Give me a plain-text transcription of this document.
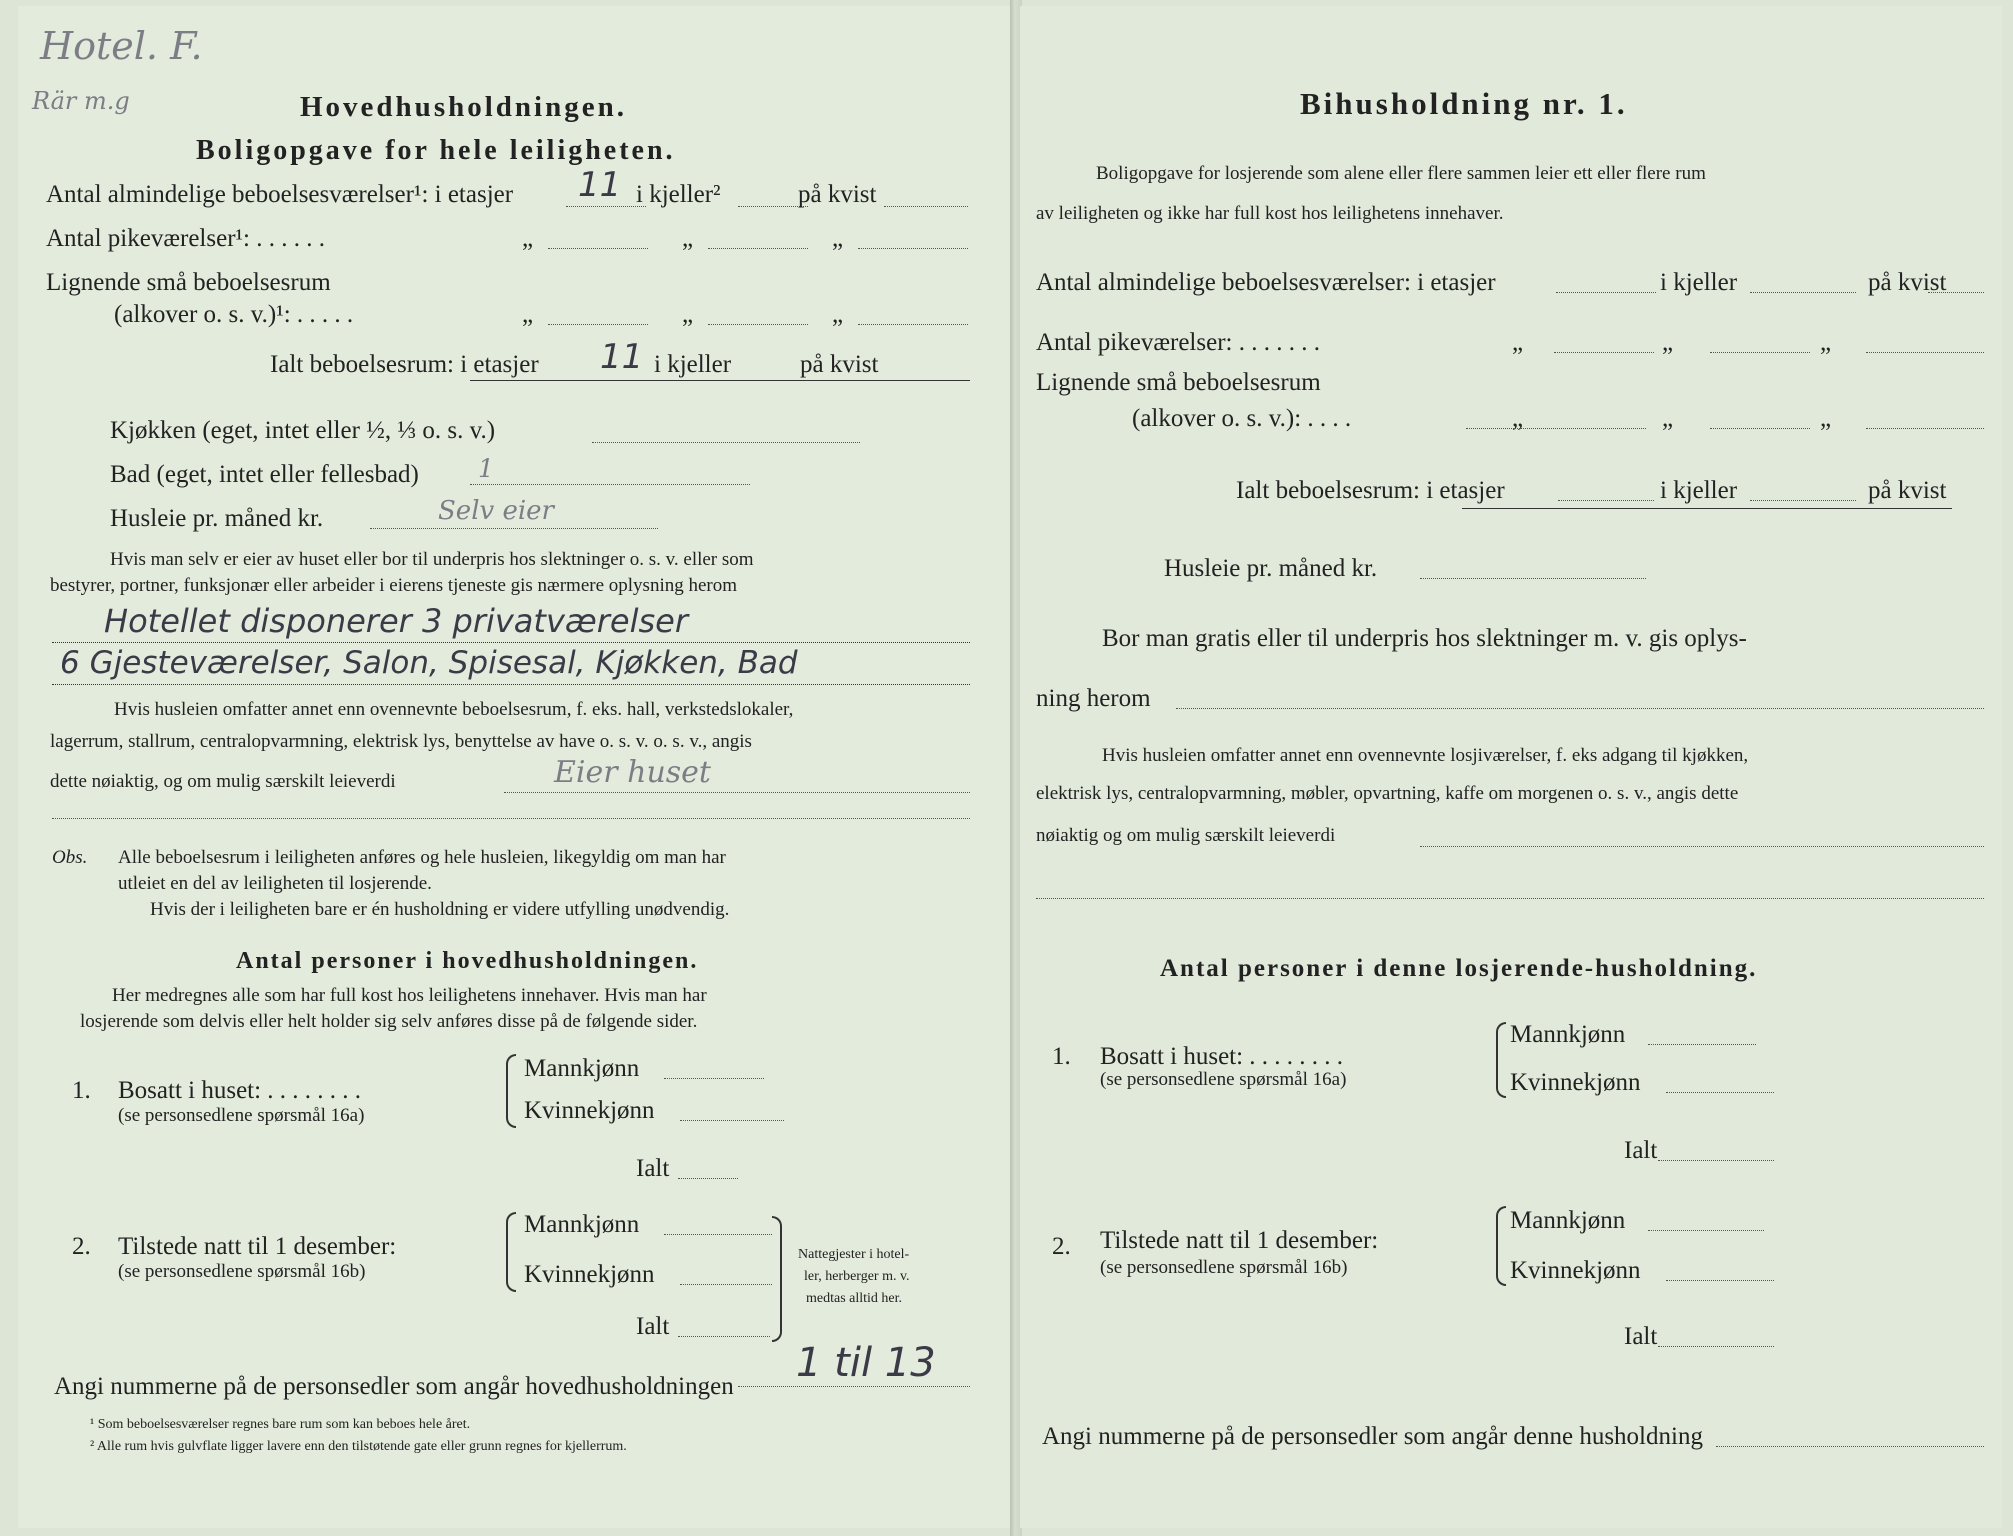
Hotel. F.
Rär m.g	Hovedhusholdningen.
Boligopgave for hele leiligheten.
Antal almindelige beboelsesværelser¹: i etasjer 11 i kjeller²	på kvist
Antal pikeværelser¹: . . . . . .	„	„	„
Lignende små beboelsesrum
(alkover o. s. v.)¹: . . . . .	„	„	„
Ialt beboelsesrum: i etasjer 11 i kjeller	på kvist
Kjøkken (eget, intet eller ½, ⅓ o. s. v.)
Bad (eget, intet eller fellesbad) 1
Husleie pr. måned kr.	Selv eier
Hvis man selv er eier av huset eller bor til underpris hos slektninger o. s. v. eller som
bestyrer, portner, funksjonær eller arbeider i eierens tjeneste gis nærmere oplysning herom
Hotellet disponerer 3 privatværelser
6 Gjesteværelser, Salon, Spisesal, Kjøkken, Bad
Hvis husleien omfatter annet enn ovennevnte beboelsesrum, f. eks. hall, verkstedslokaler,
lagerrum, stallrum, centralopvarmning, elektrisk lys, benyttelse av have o. s. v. o. s. v., angis
dette nøiaktig, og om mulig særskilt leieverdi	Eier huset
Obs. Alle beboelsesrum i leiligheten anføres og hele husleien, likegyldig om man har
utleiet en del av leiligheten til losjerende.
Hvis der i leiligheten bare er én husholdning er videre utfylling unødvendig.
Antal personer i hovedhusholdningen.
Her medregnes alle som har full kost hos leilighetens innehaver. Hvis man har
losjerende som delvis eller helt holder sig selv anføres disse på de følgende sider.
1. Bosatt i huset: . . . . . . . .
(se personsedlene spørsmål 16a)
Mannkjønn
Kvinnekjønn
Ialt
2. Tilstede natt til 1 desember:
(se personsedlene spørsmål 16b)
Mannkjønn
Kvinnekjønn
Ialt
Nattegjester i hotel-
ler, herberger m. v.
medtas alltid her.
Angi nummerne på de personsedler som angår hovedhusholdningen
1 til 13
¹ Som beboelsesværelser regnes bare rum som kan beboes hele året.
² Alle rum hvis gulvflate ligger lavere enn den tilstøtende gate eller grunn regnes for kjellerrum.
Bihusholdning nr. 1.
Boligopgave for losjerende som alene eller flere sammen leier ett eller flere rum
av leiligheten og ikke har full kost hos leilighetens innehaver.
Antal almindelige beboelsesværelser: i etasjer	i kjeller	på kvist
Antal pikeværelser: . . . . . . .	„	„	„
Lignende små beboelsesrum
(alkover o. s. v.): . . . .	„	„	„
Ialt beboelsesrum: i etasjer	i kjeller	på kvist
Husleie pr. måned kr.
Bor man gratis eller til underpris hos slektninger m. v. gis oplys-
ning herom
Hvis husleien omfatter annet enn ovennevnte losjiværelser, f. eks adgang til kjøkken,
elektrisk lys, centralopvarmning, møbler, opvartning, kaffe om morgenen o. s. v., angis dette
nøiaktig og om mulig særskilt leieverdi
Antal personer i denne losjerende-husholdning.
1. Bosatt i huset: . . . . . . . .
(se personsedlene spørsmål 16a)
Mannkjønn
Kvinnekjønn
Ialt
2. Tilstede natt til 1 desember:
(se personsedlene spørsmål 16b)
Mannkjønn
Kvinnekjønn
Ialt
Angi nummerne på de personsedler som angår denne husholdning
